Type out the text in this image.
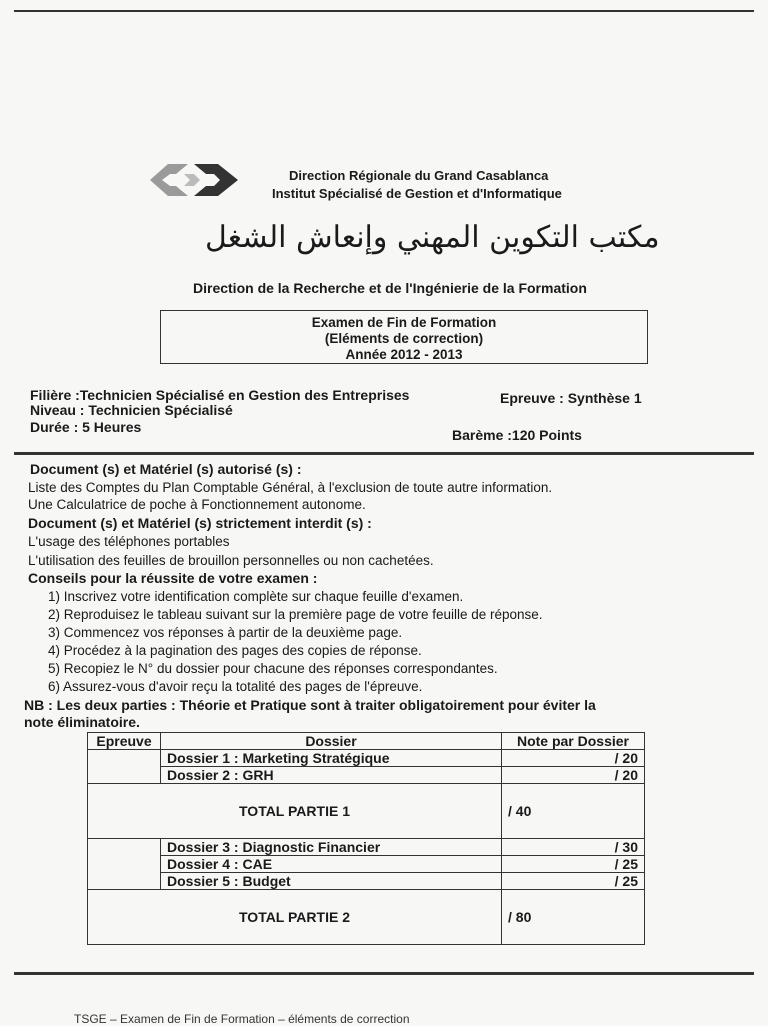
Direction Régionale du Grand Casablanca
Institut Spécialisé de Gestion et d'Informatique
مكتب التكوين المهني وإنعاش الشغل
Direction de la Recherche et de l'Ingénierie de la Formation
Examen de Fin de Formation
(Eléments de correction)
Année 2012 - 2013
Filière :Technicien Spécialisé en Gestion des Entreprises	Epreuve : Synthèse 1
Niveau : Technicien Spécialisé
Durée : 5 Heures	Barème :120 Points
Document (s) et Matériel (s) autorisé (s) :
Liste des Comptes du Plan Comptable Général, à l'exclusion de toute autre information.
Une Calculatrice de poche à Fonctionnement autonome.
Document (s) et Matériel (s) strictement interdit (s) :
L'usage des téléphones portables
L'utilisation des feuilles de brouillon personnelles ou non cachetées.
Conseils pour la réussite de votre examen :
1) Inscrivez votre identification complète sur chaque feuille d'examen.
2) Reproduisez le tableau suivant sur la première page de votre feuille de réponse.
3) Commencez vos réponses à partir de la deuxième page.
4) Procédez à la pagination des pages des copies de réponse.
5) Recopiez le N° du dossier pour chacune des réponses correspondantes.
6) Assurez-vous d'avoir reçu la totalité des pages de l'épreuve.
NB : Les deux parties : Théorie et Pratique sont à traiter obligatoirement pour éviter la
note éliminatoire.
Epreuve	Dossier	Note par Dossier
	Dossier 1 : Marketing Stratégique	/ 20
	Dossier 2 : GRH	/ 20
TOTAL PARTIE 1		/ 40
	Dossier 3 : Diagnostic Financier	/ 30
	Dossier 4 : CAE	/ 25
	Dossier 5 : Budget	/ 25
TOTAL PARTIE 2		/ 80
TSGE – Examen de Fin de Formation – éléments de correction
